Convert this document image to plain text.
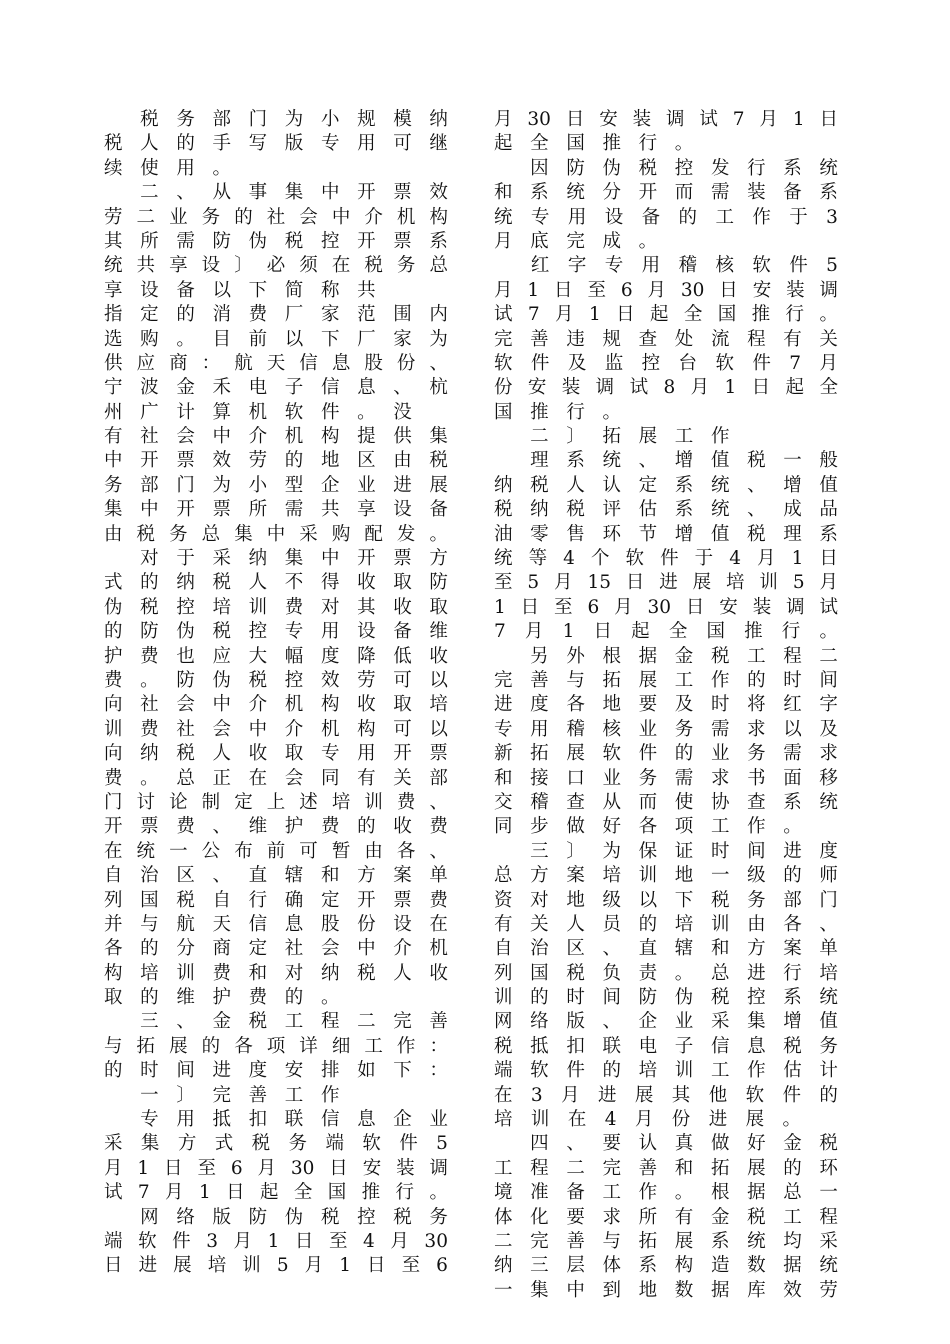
税 务 部 门 为 小 规 模 纳
税 人 的 手 写 版 专 用 可 继
续 使 用 。

二 、 从 事 集 中 开 票 效
劳 二 业 务 的 社 会 中 介 机 构
其 所 需 防 伪 税 控 开 票 系
统 共 享 设 〕 必 须 在 税 务 总
享 设 备 以 下 简 称 共
指 定 的 消 费 厂 家 范 围 内
选 购 。 目 前 以 下 厂 家 为
供 应 商 ： 航 天 信 息 股 份 、
宁 波 金 禾 电 子 信 息 、 杭
州 广 计 算 机 软 件 。 没
有 社 会 中 介 机 构 提 供 集
中 开 票 效 劳 的 地 区 由 税
务 部 门 为 小 型 企 业 进 展
集 中 开 票 所 需 共 享 设 备
由 税 务 总 集 中 采 购 配 发 。

对 于 采 纳 集 中 开 票 方
式 的 纳 税 人 不 得 收 取 防
伪 税 控 培 训 费 对 其 收 取
的 防 伪 税 控 专 用 设 备 维
护 费 也 应 大 幅 度 降 低 收
费 。 防 伪 税 控 效 劳 可 以
向 社 会 中 介 机 构 收 取 培
训 费 社 会 中 介 机 构 可 以
向 纳 税 人 收 取 专 用 开 票
费 。 总 正 在 会 同 有 关 部
门 讨 论 制 定 上 述 培 训 费 、
开 票 费 、 维 护 费 的 收 费
在 统 一 公 布 前 可 暂 由 各 、
自 治 区 、 直 辖 和 方 案 单
列 国 税 自 行 确 定 开 票 费
并 与 航 天 信 息 股 份 设 在
各 的 分 商 定 社 会 中 介 机
构 培 训 费 和 对 纳 税 人 收
取 的 维 护 费 的 。

三 、 金 税 工 程 二 完 善
与 拓 展 的 各 项 详 细 工 作 ：
的 时 间 进 度 安 排 如 下 ：

一 〕 完 善 工 作

专 用 抵 扣 联 信 息 企 业
采 集 方 式 税 务 端 软 件 5
月 1 日 至 6 月 30 日 安 装 调
试 7 月 1 日 起 全 国 推 行 。

网 络 版 防 伪 税 控 税 务
端 软 件 3 月 1 日 至 4 月 30
日 进 展 培 训 5 月 1 日 至 6
月 30 日 安 装 调 试 7 月 1 日
起 全 国 推 行 。

因 防 伪 税 控 发 行 系 统
和 系 统 分 开 而 需 装 备 系
统 专 用 设 备 的 工 作 于 3
月 底 完 成 。

红 字 专 用 稽 核 软 件 5
月 1 日 至 6 月 30 日 安 装 调
试 7 月 1 日 起 全 国 推 行 。
完 善 违 规 查 处 流 程 有 关
软 件 及 监 控 台 软 件 7 月
份 安 装 调 试 8 月 1 日 起 全
国 推 行 。

二 〕 拓 展 工 作

理 系 统 、 增 值 税 一 般
纳 税 人 认 定 系 统 、 增 值
税 纳 税 评 估 系 统 、 成 品
油 零 售 环 节 增 值 税 理 系
统 等 4 个 软 件 于 4 月 1 日
至 5 月 15 日 进 展 培 训 5 月
1 日 至 6 月 30 日 安 装 调 试
7 月 1 日 起 全 国 推 行 。

另 外 根 据 金 税 工 程 二
完 善 与 拓 展 工 作 的 时 间
进 度 各 地 要 及 时 将 红 字
专 用 稽 核 业 务 需 求 以 及
新 拓 展 软 件 的 业 务 需 求
和 接 口 业 务 需 求 书 面 移
交 稽 查 从 而 使 协 查 系 统
同 步 做 好 各 项 工 作 。

三 〕 为 保 证 时 间 进 度
总 方 案 培 训 地 一 级 的 师
资 对 地 级 以 下 税 务 部 门
有 关 人 员 的 培 训 由 各 、
自 治 区 、 直 辖 和 方 案 单
列 国 税 负 责 。 总 进 行 培
训 的 时 间 防 伪 税 控 系 统
网 络 版 、 企 业 采 集 增 值
税 抵 扣 联 电 子 信 息 税 务
端 软 件 的 培 训 工 作 估 计
在 3 月 进 展 其 他 软 件 的
培 训 在 4 月 份 进 展 。

四 、 要 认 真 做 好 金 税
工 程 二 完 善 和 拓 展 的 环
境 准 备 工 作 。 根 据 总 一
体 化 要 求 所 有 金 税 工 程
二 完 善 与 拓 展 系 统 均 采
纳 三 层 体 系 构 造 数 据 统
一 集 中 到 地 数 据 库 效 劳
